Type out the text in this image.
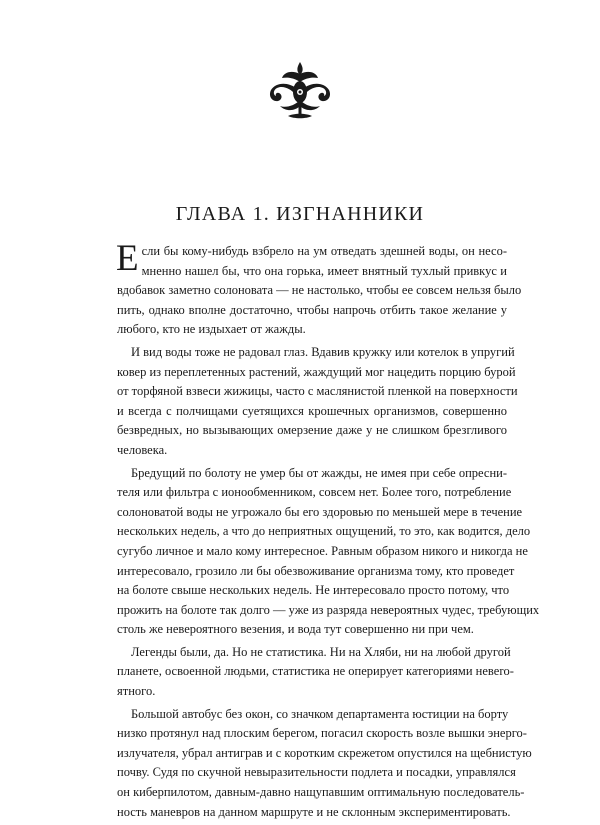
ГЛАВА 1. ИЗГНАННИКИ
Е сли бы кому-нибудь взбрело на ум отведать здешней воды, он несо-
мненно нашел бы, что она горька, имеет внятный тухлый привкус и
вдобавок заметно солоновата — не настолько, чтобы ее совсем нельзя было
пить, однако вполне достаточно, чтобы напрочь отбить такое желание у
любого, кто не издыхает от жажды.
И вид воды тоже не радовал глаз. Вдавив кружку или котелок в упругий
ковер из переплетенных растений, жаждущий мог нацедить порцию бурой
от торфяной взвеси жижицы, часто с маслянистой пленкой на поверхности
и всегда с полчищами суетящихся крошечных организмов, совершенно
безвредных, но вызывающих омерзение даже у не слишком брезгливого
человека.
Бредущий по болоту не умер бы от жажды, не имея при себе опресни-
теля или фильтра с ионообменником, совсем нет. Более того, потребление
солоноватой воды не угрожало бы его здоровью по меньшей мере в течение
нескольких недель, а что до неприятных ощущений, то это, как водится, дело
сугубо личное и мало кому интересное. Равным образом никого и никогда не
интересовало, грозило ли бы обезвоживание организма тому, кто проведет
на болоте свыше нескольких недель. Не интересовало просто потому, что
прожить на болоте так долго — уже из разряда невероятных чудес, требующих
столь же невероятного везения, и вода тут совершенно ни при чем.
Легенды были, да. Но не статистика. Ни на Хляби, ни на любой другой
планете, освоенной людьми, статистика не оперирует категориями невero-
ятного.
Большой автобус без окон, со значком департамента юстиции на борту
низко протянул над плоским берегом, погасил скорость возле вышки энерго-
излучателя, убрал антиграв и с коротким скрежетом опустился на щебнистую
почву. Судя по скучной невыразительности подлета и посадки, управлялся
он киберпилотом, давным-давно нащупавшим оптимальную последователь-
ность маневров на данном маршруте и не склонным экспериментировать.
